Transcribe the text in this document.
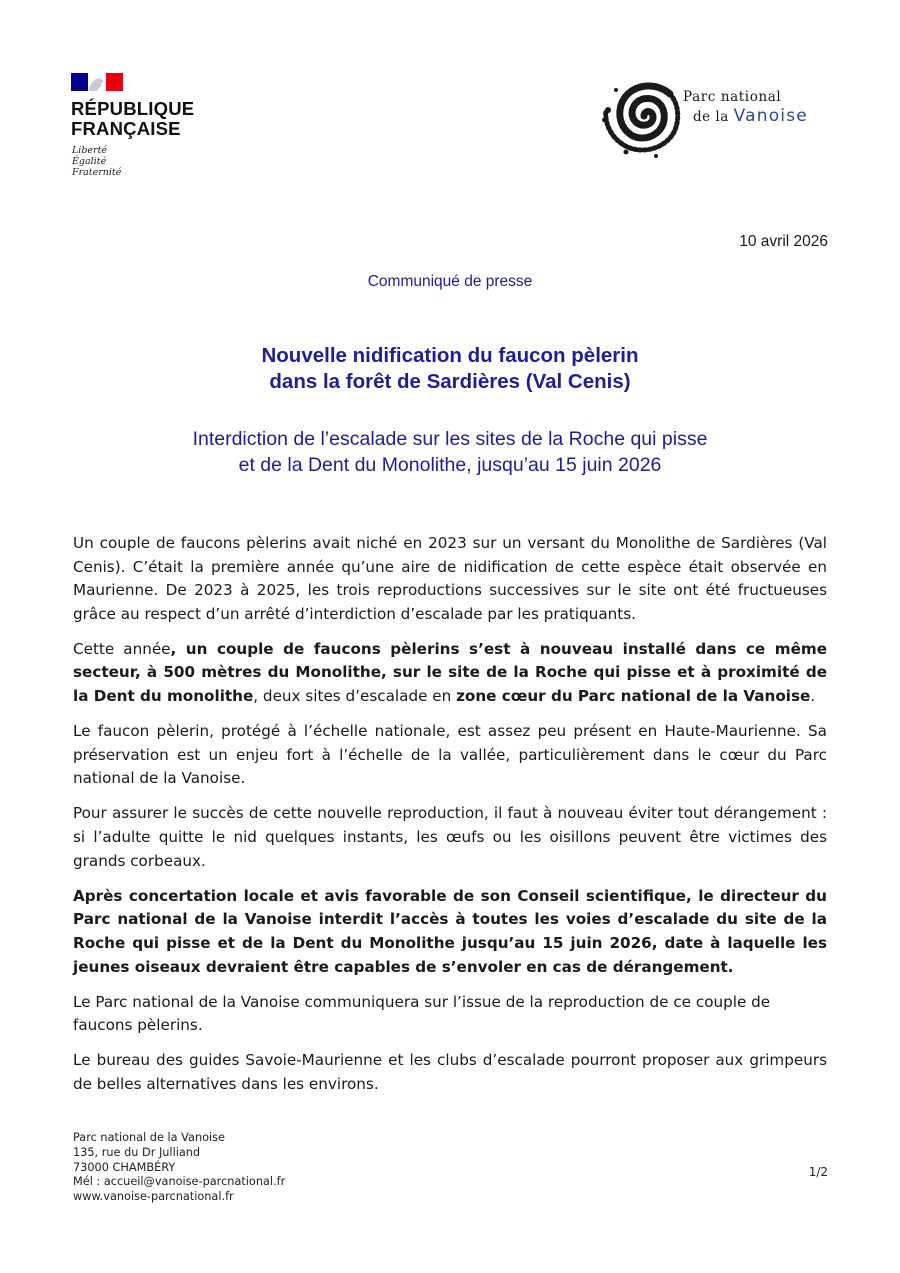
RÉPUBLIQUE
FRANÇAISE
Liberté
Égalité
Fraternité
Parc national
de la Vanoise
10 avril 2026
Communiqué de presse
Nouvelle nidification du faucon pèlerin
dans la forêt de Sardières (Val Cenis)
Interdiction de l’escalade sur les sites de la Roche qui pisse
et de la Dent du Monolithe, jusqu’au 15 juin 2026

Un couple de faucons pèlerins avait niché en 2023 sur un versant du Monolithe de Sardières (Val Cenis). C’était la première année qu’une aire de nidification de cette espèce était observée en Maurienne. De 2023 à 2025, les trois reproductions successives sur le site ont été fructueuses grâce au respect d’un arrêté d’interdiction d’escalade par les pratiquants.

Cette année, un couple de faucons pèlerins s’est à nouveau installé dans ce même secteur, à 500 mètres du Monolithe, sur le site de la Roche qui pisse et à proximité de la Dent du monolithe, deux sites d’escalade en zone cœur du Parc national de la Vanoise.

Le faucon pèlerin, protégé à l’échelle nationale, est assez peu présent en Haute-Maurienne. Sa préservation est un enjeu fort à l’échelle de la vallée, particulièrement dans le cœur du Parc national de la Vanoise.

Pour assurer le succès de cette nouvelle reproduction, il faut à nouveau éviter tout dérangement : si l’adulte quitte le nid quelques instants, les œufs ou les oisillons peuvent être victimes des grands corbeaux.

Après concertation locale et avis favorable de son Conseil scientifique, le directeur du Parc national de la Vanoise interdit l’accès à toutes les voies d’escalade du site de la Roche qui pisse et de la Dent du Monolithe jusqu’au 15 juin 2026, date à laquelle les jeunes oiseaux devraient être capables de s’envoler en cas de dérangement.

Le Parc national de la Vanoise communiquera sur l’issue de la reproduction de ce couple de faucons pèlerins.

Le bureau des guides Savoie-Maurienne et les clubs d’escalade pourront proposer aux grimpeurs de belles alternatives dans les environs.

Parc national de la Vanoise
135, rue du Dr Julliand
73000 CHAMBÉRY
Mél : accueil@vanoise-parcnational.fr
www.vanoise-parcnational.fr
1/2
